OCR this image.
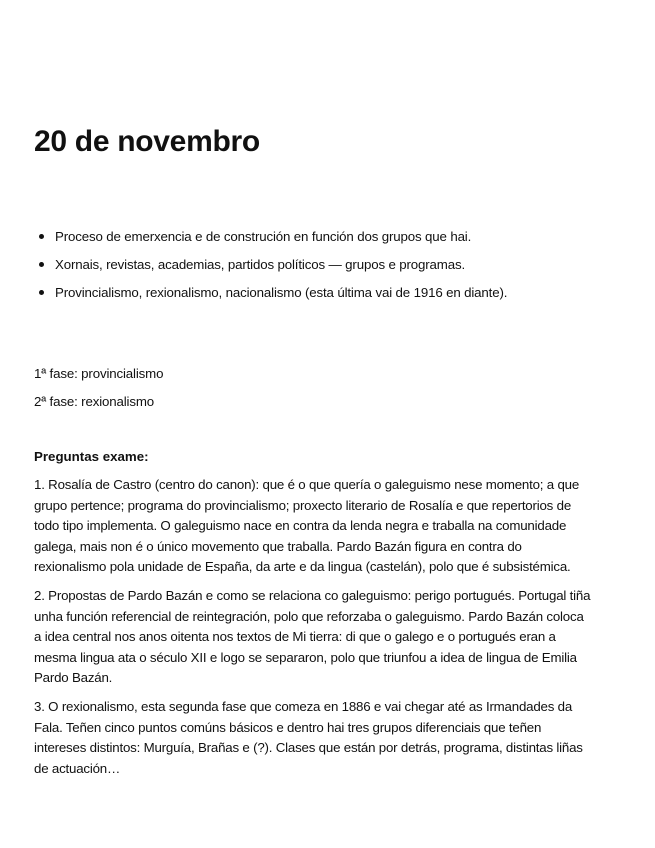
20 de novembro
Proceso de emerxencia e de construción en función dos grupos que hai.
Xornais, revistas, academias, partidos políticos — grupos e programas.
Provincialismo, rexionalismo, nacionalismo (esta última vai de 1916 en diante).

1ª fase: provincialismo

2ª fase: rexionalismo

Preguntas exame:

1. Rosalía de Castro (centro do canon): que é o que quería o galeguismo nese momento; a que grupo pertence; programa do provincialismo; proxecto literario de Rosalía e que repertorios de todo tipo implementa. O galeguismo nace en contra da lenda negra e traballa na comunidade galega, mais non é o único movemento que traballa. Pardo Bazán figura en contra do rexionalismo pola unidade de España, da arte e da lingua (castelán), polo que é subsistémica.

2. Propostas de Pardo Bazán e como se relaciona co galeguismo: perigo portugués. Portugal tiña unha función referencial de reintegración, polo que reforzaba o galeguismo. Pardo Bazán coloca a idea central nos anos oitenta nos textos de Mi tierra: di que o galego e o portugués eran a mesma lingua ata o século XII e logo se separaron, polo que triunfou a idea de lingua de Emilia Pardo Bazán.

3. O rexionalismo, esta segunda fase que comeza en 1886 e vai chegar até as Irmandades da Fala. Teñen cinco puntos comúns básicos e dentro hai tres grupos diferenciais que teñen intereses distintos: Murguía, Brañas e (?). Clases que están por detrás, programa, distintas liñas de actuación…
